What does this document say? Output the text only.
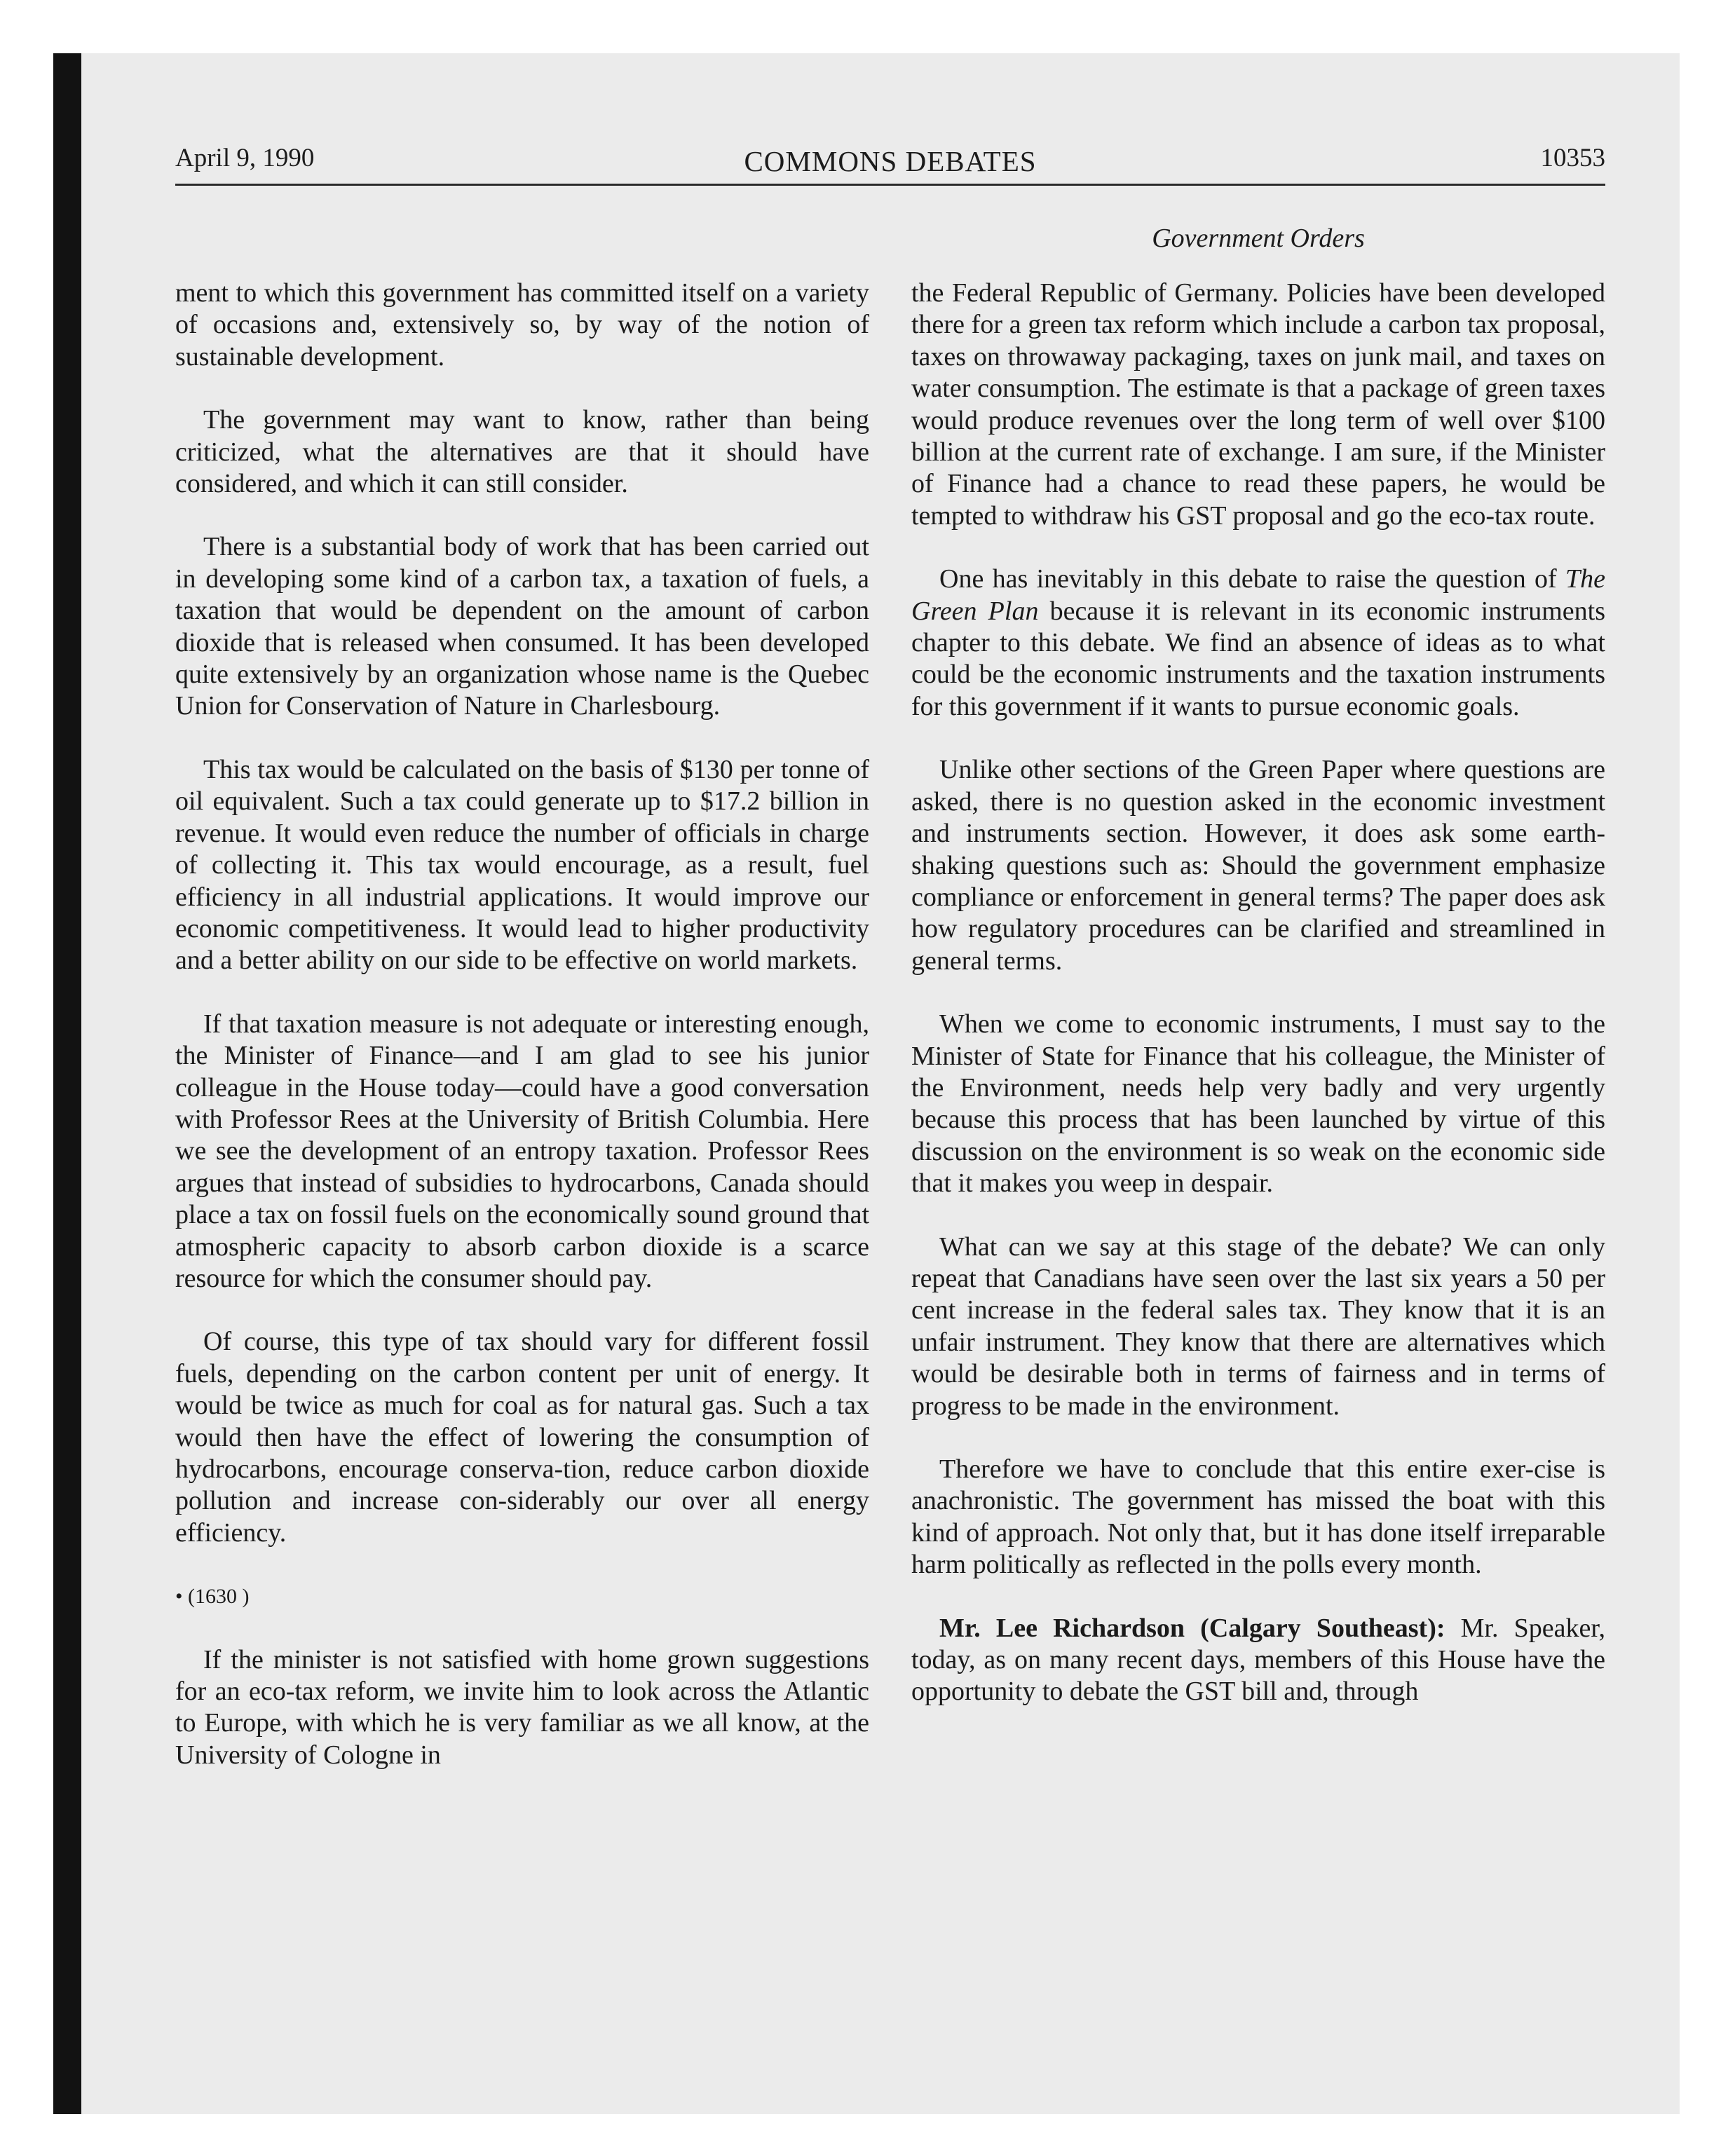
April 9, 1990	COMMONS DEBATES	10353
Government Orders

ment to which this government has committed itself on a variety of occasions and, extensively so, by way of the notion of sustainable development.

The government may want to know, rather than being criticized, what the alternatives are that it should have considered, and which it can still consider.

There is a substantial body of work that has been carried out in developing some kind of a carbon tax, a taxation of fuels, a taxation that would be dependent on the amount of carbon dioxide that is released when consumed. It has been developed quite extensively by an organization whose name is the Quebec Union for Conservation of Nature in Charlesbourg.

This tax would be calculated on the basis of $130 per tonne of oil equivalent. Such a tax could generate up to $17.2 billion in revenue. It would even reduce the number of officials in charge of collecting it. This tax would encourage, as a result, fuel efficiency in all industrial applications. It would improve our economic competitiveness. It would lead to higher productivity and a better ability on our side to be effective on world markets.

If that taxation measure is not adequate or interesting enough, the Minister of Finance—and I am glad to see his junior colleague in the House today—could have a good conversation with Professor Rees at the University of British Columbia. Here we see the development of an entropy taxation. Professor Rees argues that instead of subsidies to hydrocarbons, Canada should place a tax on fossil fuels on the economically sound ground that atmospheric capacity to absorb carbon dioxide is a scarce resource for which the consumer should pay.

Of course, this type of tax should vary for different fossil fuels, depending on the carbon content per unit of energy. It would be twice as much for coal as for natural gas. Such a tax would then have the effect of lowering the consumption of hydrocarbons, encourage conserva-tion, reduce carbon dioxide pollution and increase con-siderably our over all energy efficiency.

• (1630 )

If the minister is not satisfied with home grown suggestions for an eco-tax reform, we invite him to look across the Atlantic to Europe, with which he is very familiar as we all know, at the University of Cologne in

the Federal Republic of Germany. Policies have been developed there for a green tax reform which include a carbon tax proposal, taxes on throwaway packaging, taxes on junk mail, and taxes on water consumption. The estimate is that a package of green taxes would produce revenues over the long term of well over $100 billion at the current rate of exchange. I am sure, if the Minister of Finance had a chance to read these papers, he would be tempted to withdraw his GST proposal and go the eco-tax route.

One has inevitably in this debate to raise the question of The Green Plan because it is relevant in its economic instruments chapter to this debate. We find an absence of ideas as to what could be the economic instruments and the taxation instruments for this government if it wants to pursue economic goals.

Unlike other sections of the Green Paper where questions are asked, there is no question asked in the economic investment and instruments section. However, it does ask some earth-shaking questions such as: Should the government emphasize compliance or enforcement in general terms? The paper does ask how regulatory procedures can be clarified and streamlined in general terms.

When we come to economic instruments, I must say to the Minister of State for Finance that his colleague, the Minister of the Environment, needs help very badly and very urgently because this process that has been launched by virtue of this discussion on the environment is so weak on the economic side that it makes you weep in despair.

What can we say at this stage of the debate? We can only repeat that Canadians have seen over the last six years a 50 per cent increase in the federal sales tax. They know that it is an unfair instrument. They know that there are alternatives which would be desirable both in terms of fairness and in terms of progress to be made in the environment.

Therefore we have to conclude that this entire exer-cise is anachronistic. The government has missed the boat with this kind of approach. Not only that, but it has done itself irreparable harm politically as reflected in the polls every month.

Mr. Lee Richardson (Calgary Southeast): Mr. Speaker, today, as on many recent days, members of this House have the opportunity to debate the GST bill and, through
